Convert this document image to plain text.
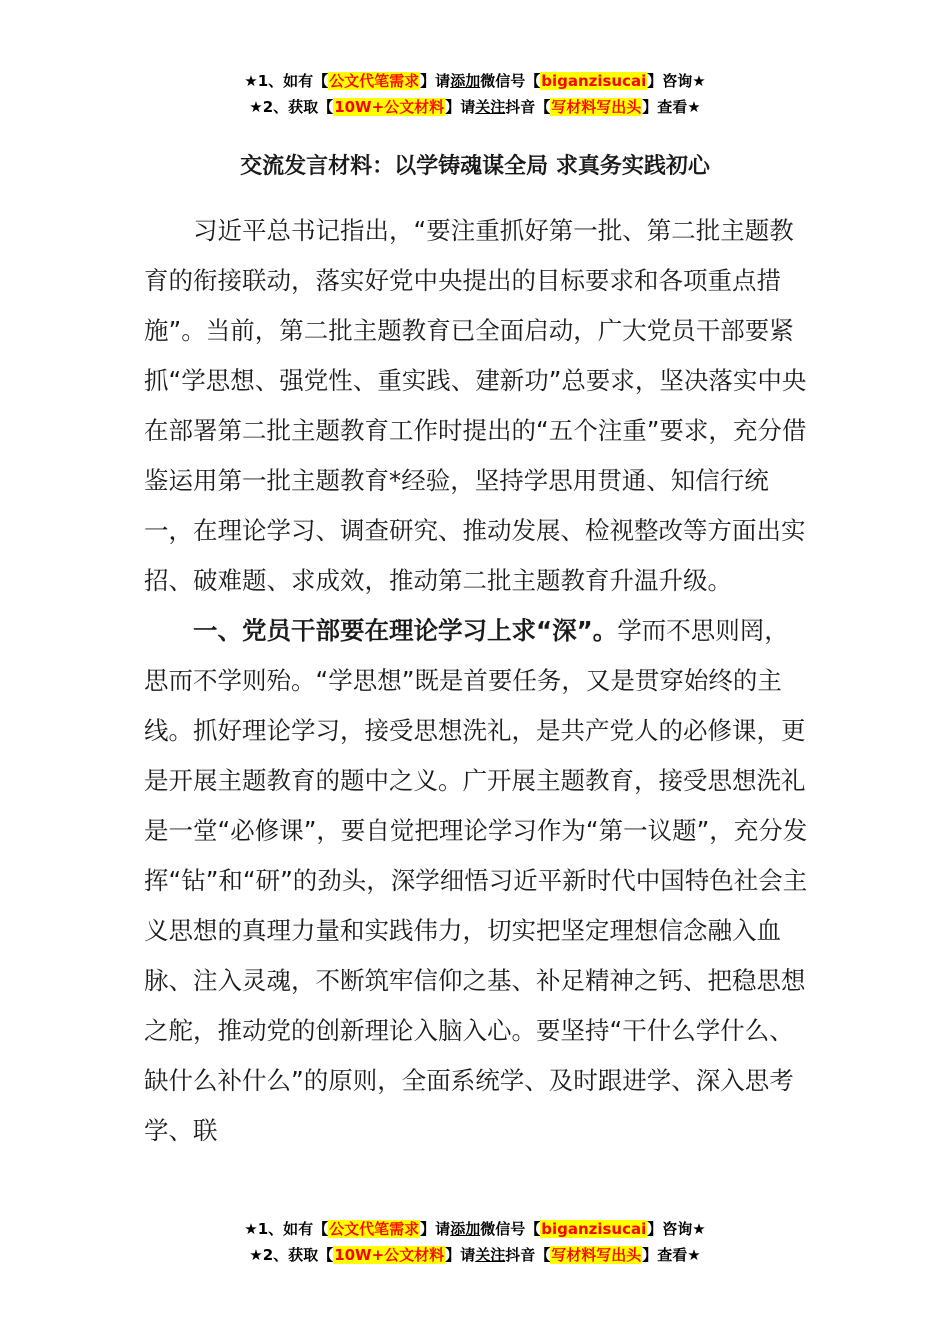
★1、如有【公文代笔需求】请添加微信号【biganzisucai】咨询★
★2、获取【10W+公文材料】请关注抖音【写材料写出头】查看★
交流发言材料：以学铸魂谋全局 求真务实践初心

习近平总书记指出，“要注重抓好第一批、第二批主题教育的衔接联动，落实好党中央提出的目标要求和各项重点措施”。当前，第二批主题教育已全面启动，广大党员干部要紧抓“学思想、强党性、重实践、建新功”总要求，坚决落实中央在部署第二批主题教育工作时提出的“五个注重”要求，充分借鉴运用第一批主题教育*经验，坚持学思用贯通、知信行统一，在理论学习、调查研究、推动发展、检视整改等方面出实招、破难题、求成效，推动第二批主题教育升温升级。

一、党员干部要在理论学习上求“深”。学而不思则罔，思而不学则殆。“学思想”既是首要任务，又是贯穿始终的主线。抓好理论学习，接受思想洗礼，是共产党人的必修课，更是开展主题教育的题中之义。广开展主题教育，接受思想洗礼是一堂“必修课”，要自觉把理论学习作为“第一议题”，充分发挥“钻”和“研”的劲头，深学细悟习近平新时代中国特色社会主义思想的真理力量和实践伟力，切实把坚定理想信念融入血脉、注入灵魂，不断筑牢信仰之基、补足精神之钙、把稳思想之舵，推动党的创新理论入脑入心。要坚持“干什么学什么、缺什么补什么”的原则，全面系统学、及时跟进学、深入思考学、联

★1、如有【公文代笔需求】请添加微信号【biganzisucai】咨询★
★2、获取【10W+公文材料】请关注抖音【写材料写出头】查看★
